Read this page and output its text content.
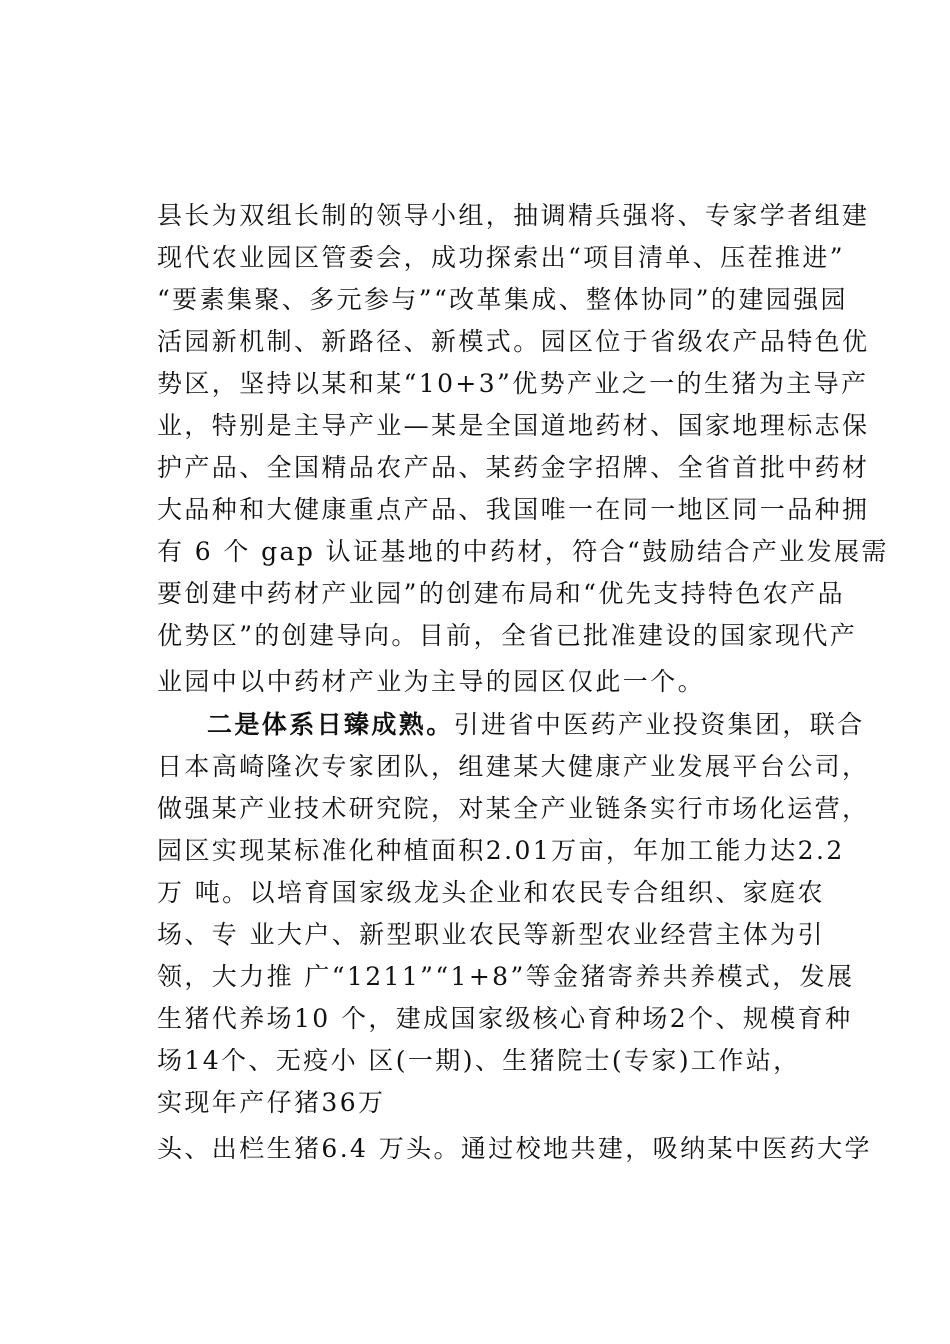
县长为双组长制的领导小组，抽调精兵强将、专家学者组建
现代农业园区管委会，成功探索出“项目清单、压茬推进”
“要素集聚、多元参与”“改革集成、整体协同”的建园强园
活园新机制、新路径、新模式。园区位于省级农产品特色优
势区，坚持以某和某“10+3”优势产业之一的生猪为主导产
业，特别是主导产业—某是全国道地药材、国家地理标志保
护产品、全国精品农产品、某药金字招牌、全省首批中药材
大品种和大健康重点产品、我国唯一在同一地区同一品种拥
有 6 个 gap 认证基地的中药材，符合“鼓励结合产业发展需
要创建中药材产业园”的创建布局和“优先支持特色农产品
优势区”的创建导向。目前，全省已批准建设的国家现代产
业园中以中药材产业为主导的园区仅此一个。
二是体系日臻成熟。引进省中医药产业投资集团，联合
日本高崎隆次专家团队，组建某大健康产业发展平台公司，
做强某产业技术研究院，对某全产业链条实行市场化运营，
园区实现某标准化种植面积2.01万亩，年加工能力达2.2
万 吨。以培育国家级龙头企业和农民专合组织、家庭农
场、专 业大户、新型职业农民等新型农业经营主体为引
领，大力推 广“1211”“1+8”等金猪寄养共养模式，发展
生猪代养场10 个，建成国家级核心育种场2个、规模育种
场14个、无疫小 区(一期)、生猪院士(专家)工作站，
实现年产仔猪36万
头、出栏生猪6.4 万头。通过校地共建，吸纳某中医药大学
